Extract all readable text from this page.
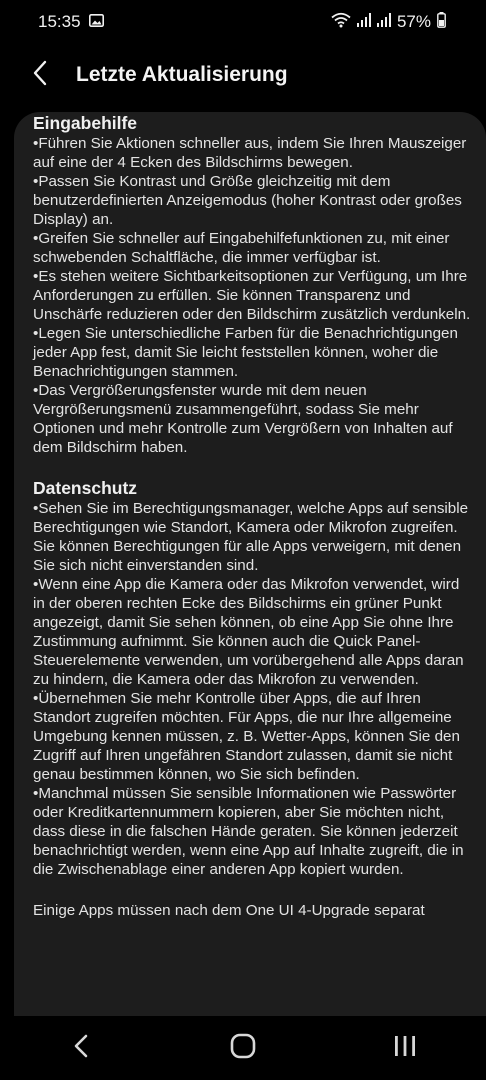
15:35	57%
Letzte Aktualisierung
Eingabehilfe

•Führen Sie Aktionen schneller aus, indem Sie Ihren Mauszeiger auf eine der 4 Ecken des Bildschirms bewegen.

•Passen Sie Kontrast und Größe gleichzeitig mit dem benutzerdefinierten Anzeigemodus (hoher Kontrast oder großes Display) an.

•Greifen Sie schneller auf Eingabehilfefunktionen zu, mit einer schwebenden Schaltfläche, die immer verfügbar ist.

•Es stehen weitere Sichtbarkeitsoptionen zur Verfügung, um Ihre Anforderungen zu erfüllen. Sie können Transparenz und Unschärfe reduzieren oder den Bildschirm zusätzlich verdunkeln.

•Legen Sie unterschiedliche Farben für die Benachrichtigungen jeder App fest, damit Sie leicht feststellen können, woher die Benachrichtigungen stammen.

•Das Vergrößerungsfenster wurde mit dem neuen Vergrößerungsmenü zusammengeführt, sodass Sie mehr Optionen und mehr Kontrolle zum Vergrößern von Inhalten auf dem Bildschirm haben.

Datenschutz

•Sehen Sie im Berechtigungsmanager, welche Apps auf sensible Berechtigungen wie Standort, Kamera oder Mikrofon zugreifen. Sie können Berechtigungen für alle Apps verweigern, mit denen Sie sich nicht einverstanden sind.

•Wenn eine App die Kamera oder das Mikrofon verwendet, wird in der oberen rechten Ecke des Bildschirms ein grüner Punkt angezeigt, damit Sie sehen können, ob eine App Sie ohne Ihre Zustimmung aufnimmt. Sie können auch die Quick Panel-Steuerelemente verwenden, um vorübergehend alle Apps daran zu hindern, die Kamera oder das Mikrofon zu verwenden.

•Übernehmen Sie mehr Kontrolle über Apps, die auf Ihren Standort zugreifen möchten. Für Apps, die nur Ihre allgemeine Umgebung kennen müssen, z. B. Wetter-Apps, können Sie den Zugriff auf Ihren ungefähren Standort zulassen, damit sie nicht genau bestimmen können, wo Sie sich befinden.

•Manchmal müssen Sie sensible Informationen wie Passwörter oder Kreditkartennummern kopieren, aber Sie möchten nicht, dass diese in die falschen Hände geraten. Sie können jederzeit benachrichtigt werden, wenn eine App auf Inhalte zugreift, die in die Zwischenablage einer anderen App kopiert wurden.

Einige Apps müssen nach dem One UI 4-Upgrade separat
